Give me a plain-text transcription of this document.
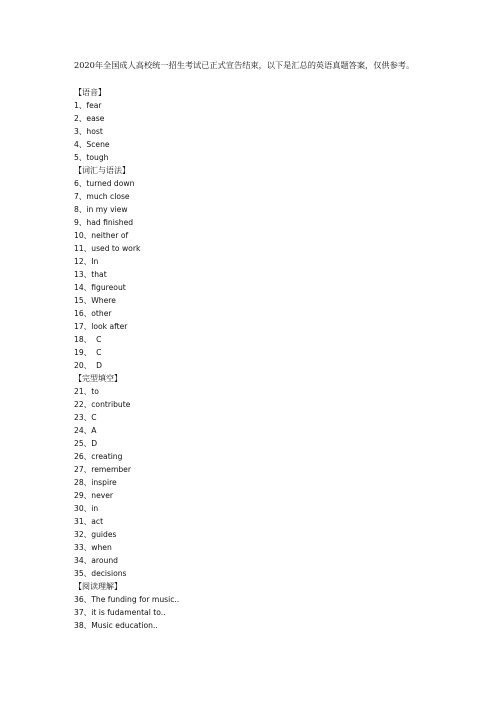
2020年全国成人高校统一招生考试已正式宣告结束，以下是汇总的英语真题答案，仅供参考。
【语音】
1、fear
2、ease
3、host
4、Scene
5、tough
【词汇与语法】
6、turned down
7、much close
8、in my view
9、had finished
10、neither of
11、used to work
12、In
13、that
14、figureout
15、Where
16、other
17、look after
18、  C
19、  C
20、  D
【完型填空】
21、to
22、contribute
23、C
24、A
25、D
26、creating
27、remember
28、inspire
29、never
30、in
31、act
32、guides
33、when
34、around
35、decisions
【阅读理解】
36、The funding for music..
37、it is fudamental to..
38、Music education..
